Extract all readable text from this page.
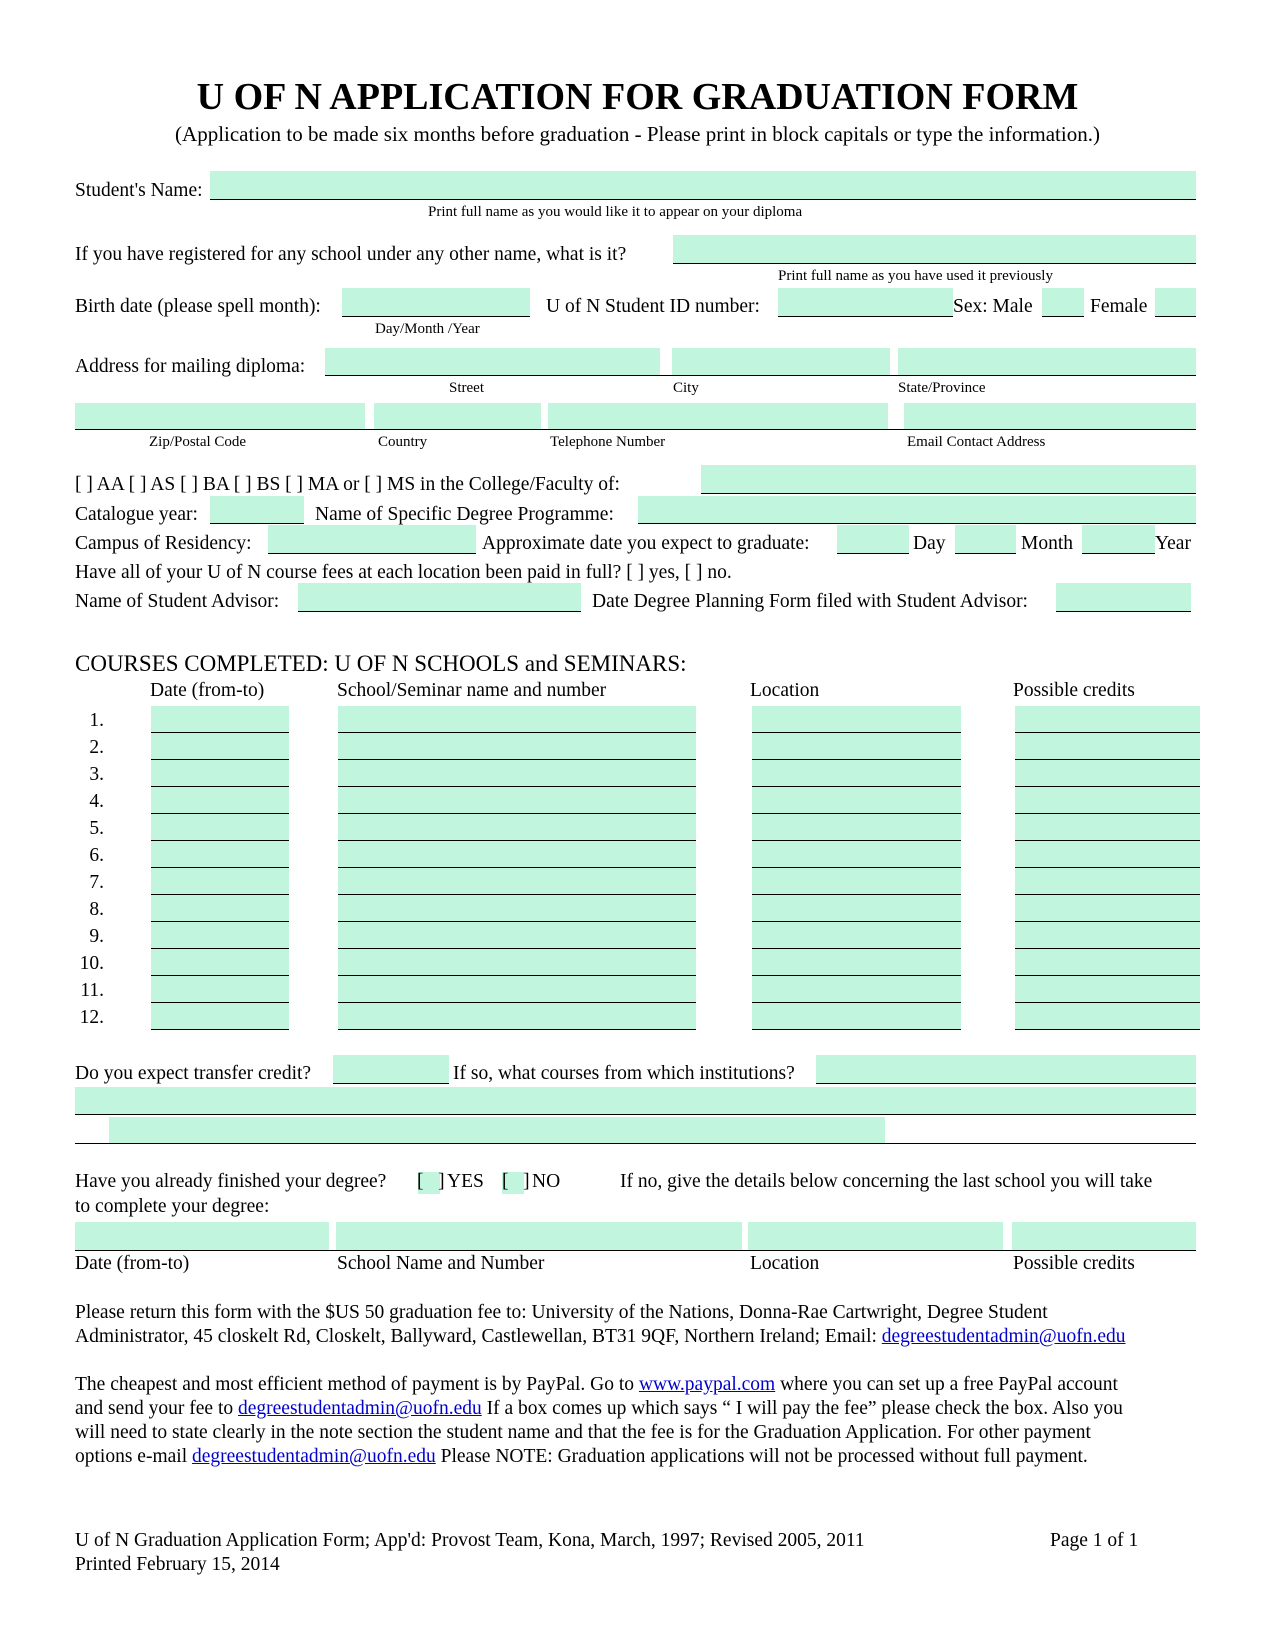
U OF N APPLICATION FOR GRADUATION FORM
(Application to be made six months before graduation - Please print in block capitals or type the information.)
Student's Name:
Print full name as you would like it to appear on your diploma
If you have registered for any school under any other name, what is it?
Print full name as you have used it previously
Birth date (please spell month):
Day/Month /Year
U of N Student ID number:	Sex: Male	Female
Address for mailing diploma:
Street	City	State/Province
Zip/Postal Code	Country	Telephone Number	Email Contact Address
[ ] AA [ ] AS [ ] BA [ ] BS [ ] MA or [ ] MS in the College/Faculty of:
Catalogue year:	Name of Specific Degree Programme:
Campus of Residency:	Approximate date you expect to graduate:	Day	Month	Year
Have all of your U of N course fees at each location been paid in full? [ ] yes, [ ] no.
Name of Student Advisor:	Date Degree Planning Form filed with Student Advisor:
COURSES COMPLETED: U OF N SCHOOLS and SEMINARS:
Date (from-to)	School/Seminar name and number	Location	Possible credits
1.
2.
3.
4.
5.
6.
7.
8.
9.
10.
11.
12.
Do you expect transfer credit?	If so, what courses from which institutions?
Have you already finished your degree? [   ] YES [   ] NO	If no, give the details below concerning the last school you will take
to complete your degree:
Date (from-to)	School Name and Number	Location	Possible credits
Please return this form with the $US 50 graduation fee to: University of the Nations, Donna-Rae Cartwright, Degree Student
Administrator, 45 closkelt Rd, Closkelt, Ballyward, Castlewellan, BT31 9QF, Northern Ireland; Email: degreestudentadmin@uofn.edu
The cheapest and most efficient method of payment is by PayPal. Go to www.paypal.com where you can set up a free PayPal account
and send your fee to degreestudentadmin@uofn.edu If a box comes up which says “ I will pay the fee” please check the box. Also you
will need to state clearly in the note section the student name and that the fee is for the Graduation Application. For other payment
options e-mail degreestudentadmin@uofn.edu Please NOTE: Graduation applications will not be processed without full payment.
U of N Graduation Application Form; App'd: Provost Team, Kona, March, 1997; Revised 2005, 2011	Page 1 of 1
Printed February 15, 2014
